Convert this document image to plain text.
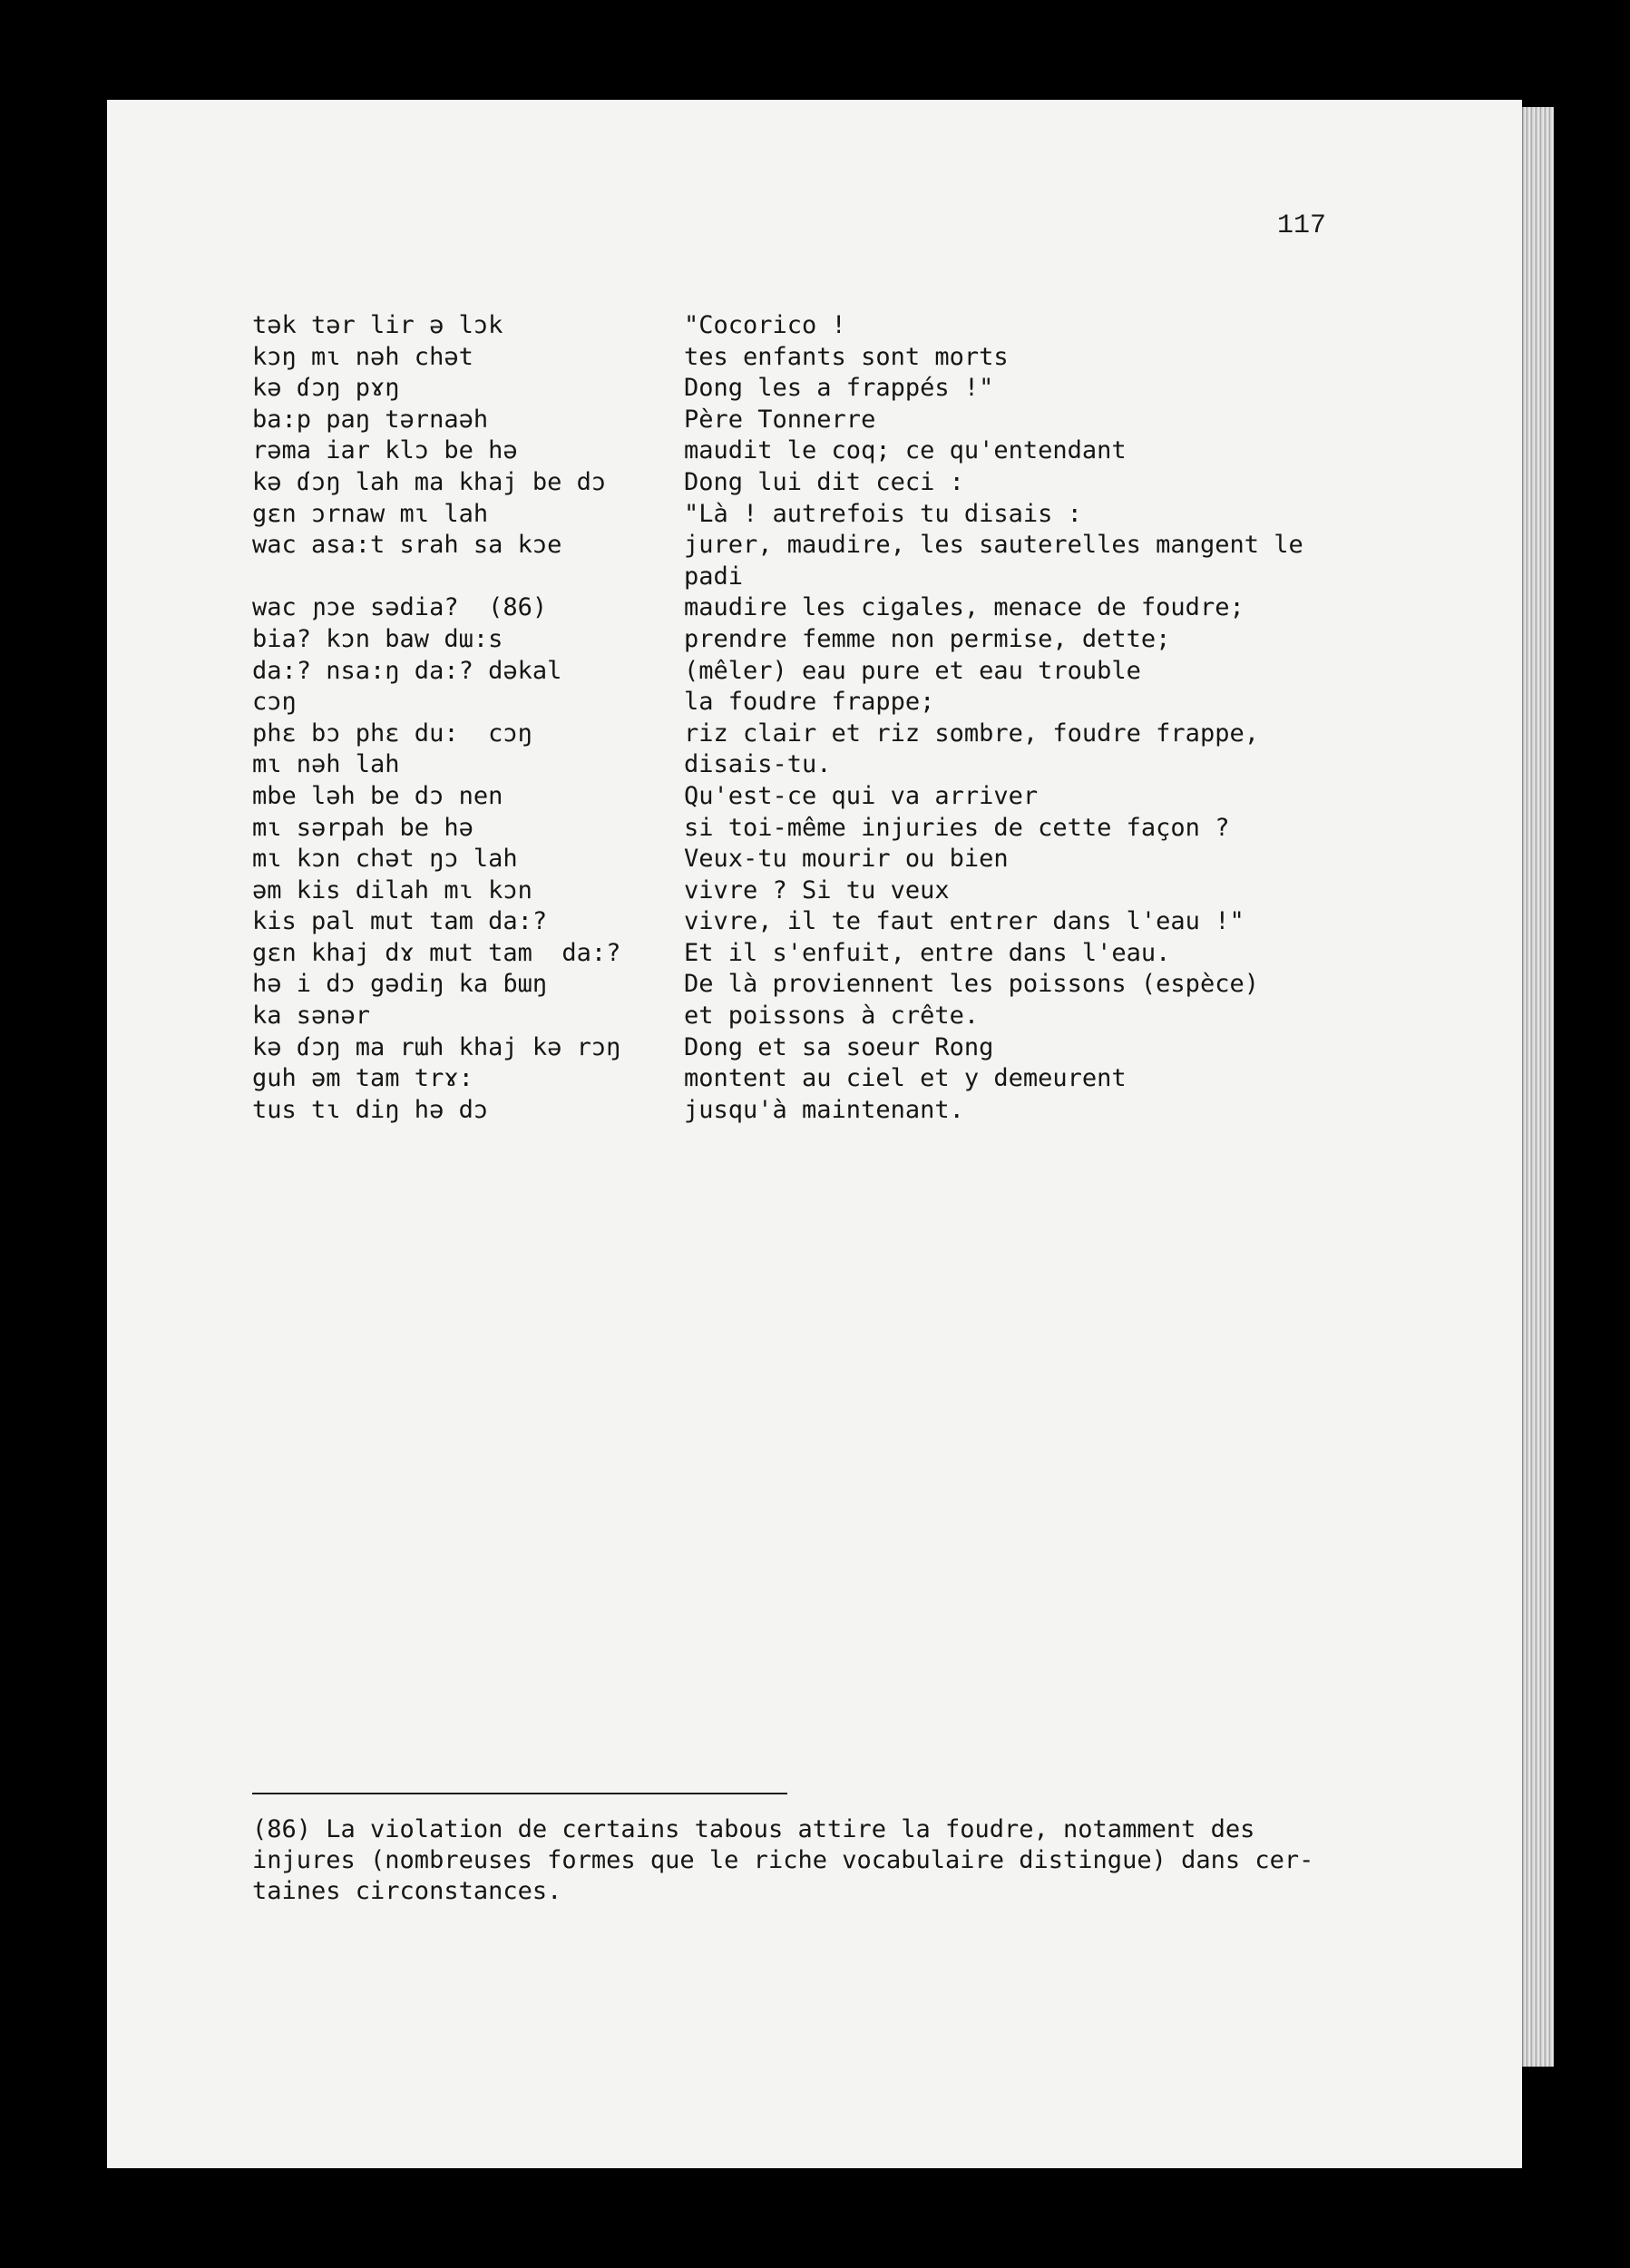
117
tək tər lir ə lɔk	"Cocorico !
kɔŋ mɩ nəh chət	tes enfants sont morts
kə ɗɔŋ pɤŋ	Dong les a frappés !"
ba:p paŋ tərnaəh	Père Tonnerre
rəma iar klɔ be hə	maudit le coq; ce qu'entendant
kə ɗɔŋ lah ma khaj be dɔ	Dong lui dit ceci :
gɛn ɔrnaw mɩ lah	"Là ! autrefois tu disais :
wac asa:t srah sa kɔe	jurer, maudire, les sauterelles mangent le
padi
wac ɲɔe sədia?  (86)	maudire les cigales, menace de foudre;
bia? kɔn baw dɯ:s	prendre femme non permise, dette;
da:? nsa:ŋ da:? dəkal	(mêler) eau pure et eau trouble
cɔŋ	la foudre frappe;
phɛ bɔ phɛ du:  cɔŋ	riz clair et riz sombre, foudre frappe,
mɩ nəh lah	disais-tu.
mbe ləh be dɔ nen	Qu'est-ce qui va arriver
mɩ sərpah be hə	si toi-même injuries de cette façon ?
mɩ kɔn chət ŋɔ lah	Veux-tu mourir ou bien
əm kis dilah mɩ kɔn	vivre ? Si tu veux
kis pal mut tam da:?	vivre, il te faut entrer dans l'eau !"
gɛn khaj dɤ mut tam  da:?	Et il s'enfuit, entre dans l'eau.
hə i dɔ gədiŋ ka ɓɯŋ	De là proviennent les poissons (espèce)
ka sənər	et poissons à crête.
kə ɗɔŋ ma rɯh khaj kə rɔŋ	Dong et sa soeur Rong
guh əm tam trɤ:	montent au ciel et y demeurent
tus tɩ diŋ hə dɔ	jusqu'à maintenant.
(86) La violation de certains tabous attire la foudre, notamment des
injures (nombreuses formes que le riche vocabulaire distingue) dans cer-
taines circonstances.
